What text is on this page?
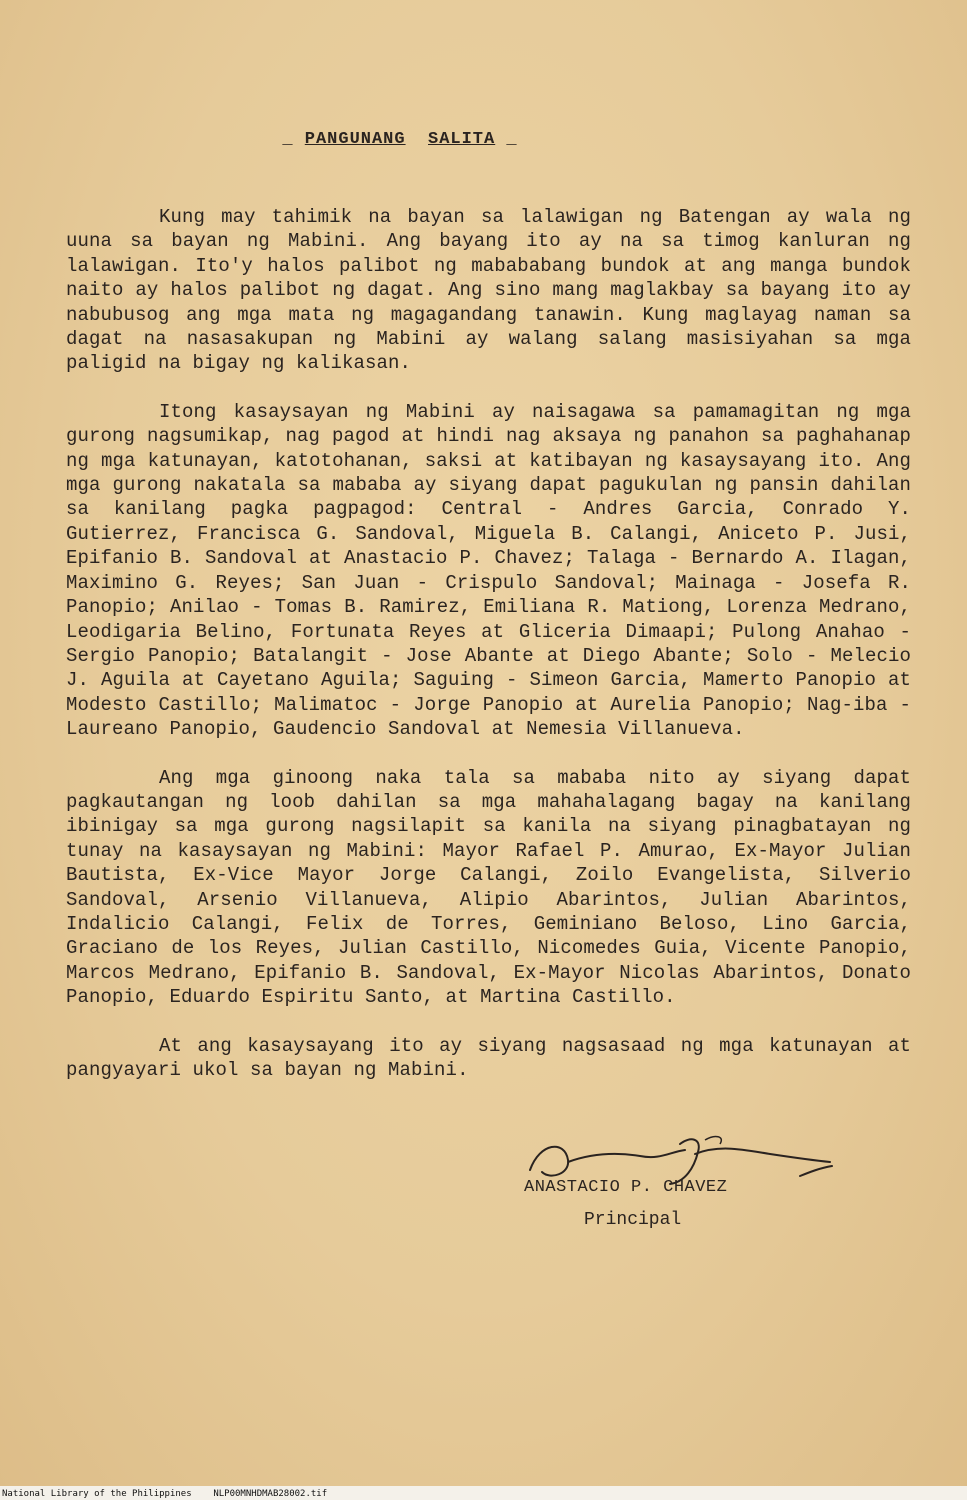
_ PANGUNANG SALITA _

Kung may tahimik na bayan sa lalawigan ng Batengan ay wala ng uuna sa bayan ng Mabini. Ang bayang ito ay na sa timog kanluran ng lalawigan. Ito'y halos palibot ng mabababang bundok at ang manga bundok naito ay halos palibot ng dagat. Ang sino mang maglakbay sa bayang ito ay nabubusog ang mga mata ng magagandang tanawin. Kung maglayag naman sa dagat na nasasakupan ng Mabini ay walang salang masisiyahan sa mga paligid na bigay ng kalikasan.

Itong kasaysayan ng Mabini ay naisagawa sa pamamagitan ng mga gurong nagsumikap, nag pagod at hindi nag aksaya ng panahon sa paghahanap ng mga katunayan, katotohanan, saksi at katibayan ng kasaysayang ito. Ang mga gurong nakatala sa mababa ay siyang dapat pagukulan ng pansin dahilan sa kanilang pagka pagpagod: Central - Andres Garcia, Conrado Y. Gutierrez, Francisca G. Sandoval, Miguela B. Calangi, Aniceto P. Jusi, Epifanio B. Sandoval at Anastacio P. Chavez; Talaga - Bernardo A. Ilagan, Maximino G. Reyes; San Juan - Crispulo Sandoval; Mainaga - Josefa R. Panopio; Anilao - Tomas B. Ramirez, Emiliana R. Mationg, Lorenza Medrano, Leodigaria Belino, Fortunata Reyes at Gliceria Dimaapi; Pulong Anahao - Sergio Panopio; Batalangit - Jose Abante at Diego Abante; Solo - Melecio J. Aguila at Cayetano Aguila; Saguing - Simeon Garcia, Mamerto Panopio at Modesto Castillo; Malimatoc - Jorge Panopio at Aurelia Panopio; Nag-iba - Laureano Panopio, Gaudencio Sandoval at Nemesia Villanueva.

Ang mga ginoong naka tala sa mababa nito ay siyang dapat pagkautangan ng loob dahilan sa mga mahahalagang bagay na kanilang ibinigay sa mga gurong nagsilapit sa kanila na siyang pinagbatayan ng tunay na kasaysayan ng Mabini: Mayor Rafael P. Amurao, Ex-Mayor Julian Bautista, Ex-Vice Mayor Jorge Calangi, Zoilo Evangelista, Silverio Sandoval, Arsenio Villanueva, Alipio Abarintos, Julian Abarintos, Indalicio Calangi, Felix de Torres, Geminiano Beloso, Lino Garcia, Graciano de los Reyes, Julian Castillo, Nicomedes Guia, Vicente Panopio, Marcos Medrano, Epifanio B. Sandoval, Ex-Mayor Nicolas Abarintos, Donato Panopio, Eduardo Espiritu Santo, at Martina Castillo.

At ang kasaysayang ito ay siyang nagsasaad ng mga katunayan at pangyayari ukol sa bayan ng Mabini.

ANASTACIO P. CHAVEZ
Principal
National Library of the Philippines NLP00MNHDMAB28002.tif
